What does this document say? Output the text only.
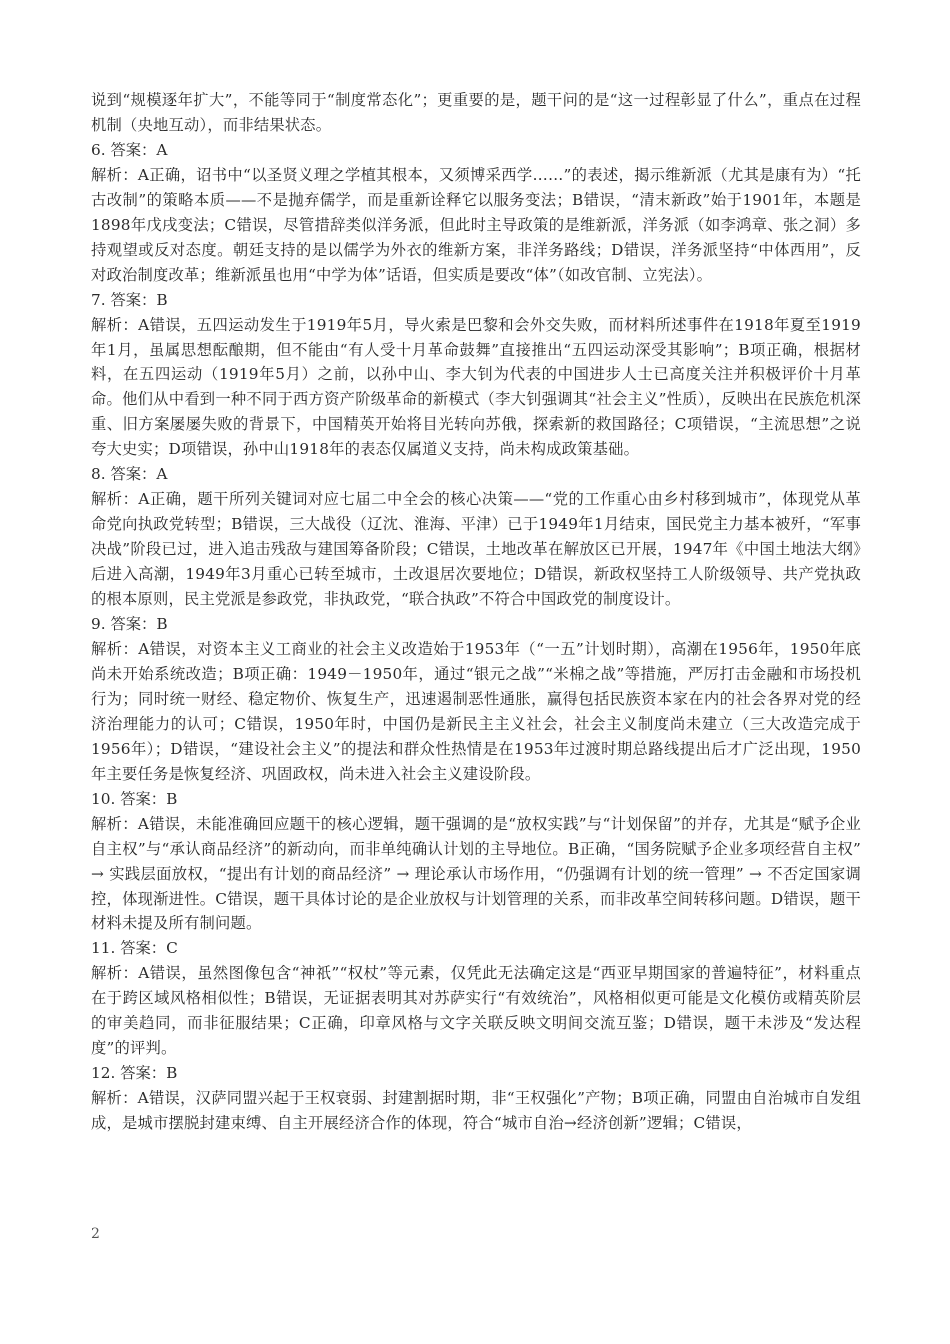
说到“规模逐年扩大”，不能等同于“制度常态化”；更重要的是，题干问的是“这一过程彰显了什么”，重点在过程机制（央地互动），而非结果状态。

6. 答案：A

解析：A正确，诏书中“以圣贤义理之学植其根本，又须博采西学……”的表述，揭示维新派（尤其是康有为）“托古改制”的策略本质——不是抛弃儒学，而是重新诠释它以服务变法；B错误，“清末新政”始于1901年，本题是1898年戊戌变法；C错误，尽管措辞类似洋务派，但此时主导政策的是维新派，洋务派（如李鸿章、张之洞）多持观望或反对态度。朝廷支持的是以儒学为外衣的维新方案，非洋务路线；D错误，洋务派坚持“中体西用”，反对政治制度改革；维新派虽也用“中学为体”话语，但实质是要改“体”（如改官制、立宪法）。

7. 答案：B

解析：A错误，五四运动发生于1919年5月，导火索是巴黎和会外交失败，而材料所述事件在1918年夏至1919年1月，虽属思想酝酿期，但不能由“有人受十月革命鼓舞”直接推出“五四运动深受其影响”；B项正确，根据材料，在五四运动（1919年5月）之前，以孙中山、李大钊为代表的中国进步人士已高度关注并积极评价十月革命。他们从中看到一种不同于西方资产阶级革命的新模式（李大钊强调其“社会主义”性质），反映出在民族危机深重、旧方案屡屡失败的背景下，中国精英开始将目光转向苏俄，探索新的救国路径；C项错误，“主流思想”之说夸大史实；D项错误，孙中山1918年的表态仅属道义支持，尚未构成政策基础。

8. 答案：A

解析：A正确，题干所列关键词对应七届二中全会的核心决策——“党的工作重心由乡村移到城市”，体现党从革命党向执政党转型；B错误，三大战役（辽沈、淮海、平津）已于1949年1月结束，国民党主力基本被歼，“军事决战”阶段已过，进入追击残敌与建国筹备阶段；C错误，土地改革在解放区已开展，1947年《中国土地法大纲》后进入高潮，1949年3月重心已转至城市，土改退居次要地位；D错误，新政权坚持工人阶级领导、共产党执政的根本原则，民主党派是参政党，非执政党，“联合执政”不符合中国政党的制度设计。

9. 答案：B

解析：A错误，对资本主义工商业的社会主义改造始于1953年（“一五”计划时期），高潮在1956年，1950年底尚未开始系统改造；B项正确：1949－1950年，通过“银元之战”“米棉之战”等措施，严厉打击金融和市场投机行为；同时统一财经、稳定物价、恢复生产，迅速遏制恶性通胀，赢得包括民族资本家在内的社会各界对党的经济治理能力的认可；C错误，1950年时，中国仍是新民主主义社会，社会主义制度尚未建立（三大改造完成于1956年）；D错误，“建设社会主义”的提法和群众性热情是在1953年过渡时期总路线提出后才广泛出现，1950年主要任务是恢复经济、巩固政权，尚未进入社会主义建设阶段。

10. 答案：B

解析：A错误，未能准确回应题干的核心逻辑，题干强调的是“放权实践”与“计划保留”的并存，尤其是“赋予企业自主权”与“承认商品经济”的新动向，而非单纯确认计划的主导地位。B正确，“国务院赋予企业多项经营自主权” → 实践层面放权，“提出有计划的商品经济” → 理论承认市场作用，“仍强调有计划的统一管理” → 不否定国家调控，体现渐进性。C错误，题干具体讨论的是企业放权与计划管理的关系，而非改革空间转移问题。D错误，题干材料未提及所有制问题。

11. 答案：C

解析：A错误，虽然图像包含“神祇”“权杖”等元素，仅凭此无法确定这是“西亚早期国家的普遍特征”，材料重点在于跨区域风格相似性；B错误，无证据表明其对苏萨实行“有效统治”，风格相似更可能是文化模仿或精英阶层的审美趋同，而非征服结果；C正确，印章风格与文字关联反映文明间交流互鉴；D错误，题干未涉及“发达程度”的评判。

12. 答案：B

解析：A错误，汉萨同盟兴起于王权衰弱、封建割据时期，非“王权强化”产物；B项正确，同盟由自治城市自发组成，是城市摆脱封建束缚、自主开展经济合作的体现，符合“城市自治→经济创新”逻辑；C错误，

2
